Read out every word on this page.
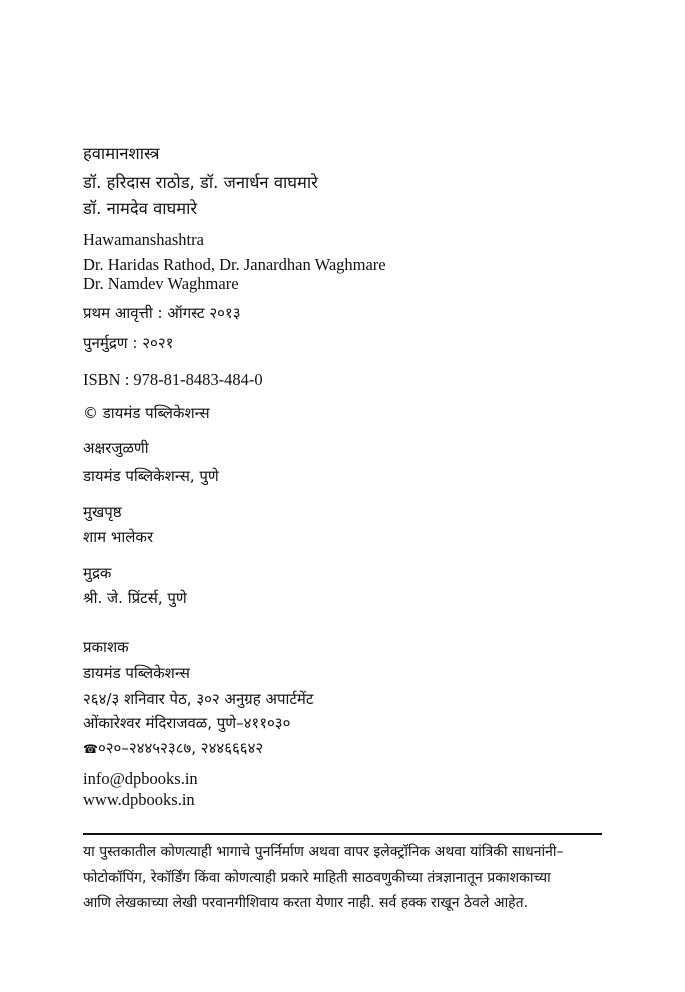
हवामानशास्त्र
डॉ. हरिदास राठोड, डॉ. जनार्धन वाघमारे
डॉ. नामदेव वाघमारे
Hawamanshashtra
Dr. Haridas Rathod, Dr. Janardhan Waghmare
Dr. Namdev Waghmare
प्रथम आवृत्ती : ऑगस्ट २०१३
पुनर्मुद्रण : २०२१
ISBN : 978-81-8483-484-0
© डायमंड पब्लिकेशन्स
अक्षरजुळणी
डायमंड पब्लिकेशन्स, पुणे
मुखपृष्ठ
शाम भालेकर
मुद्रक
श्री. जे. प्रिंटर्स, पुणे
प्रकाशक
डायमंड पब्लिकेशन्स
२६४/३ शनिवार पेठ, ३०२ अनुग्रह अपार्टमेंट
ओंकारेश्वर मंदिराजवळ, पुणे–४११०३०
☎०२०–२४४५२३८७, २४४६६६४२
info@dpbooks.in
www.dpbooks.in
या पुस्तकातील कोणत्याही भागाचे पुनर्निर्माण अथवा वापर इलेक्ट्रॉनिक अथवा यांत्रिकी साधनांनी–
फोटोकॉपिंग, रेकॉर्डिंग किंवा कोणत्याही प्रकारे माहिती साठवणुकीच्या तंत्रज्ञानातून प्रकाशकाच्या
आणि लेखकाच्या लेखी परवानगीशिवाय करता येणार नाही. सर्व हक्क राखून ठेवले आहेत.
